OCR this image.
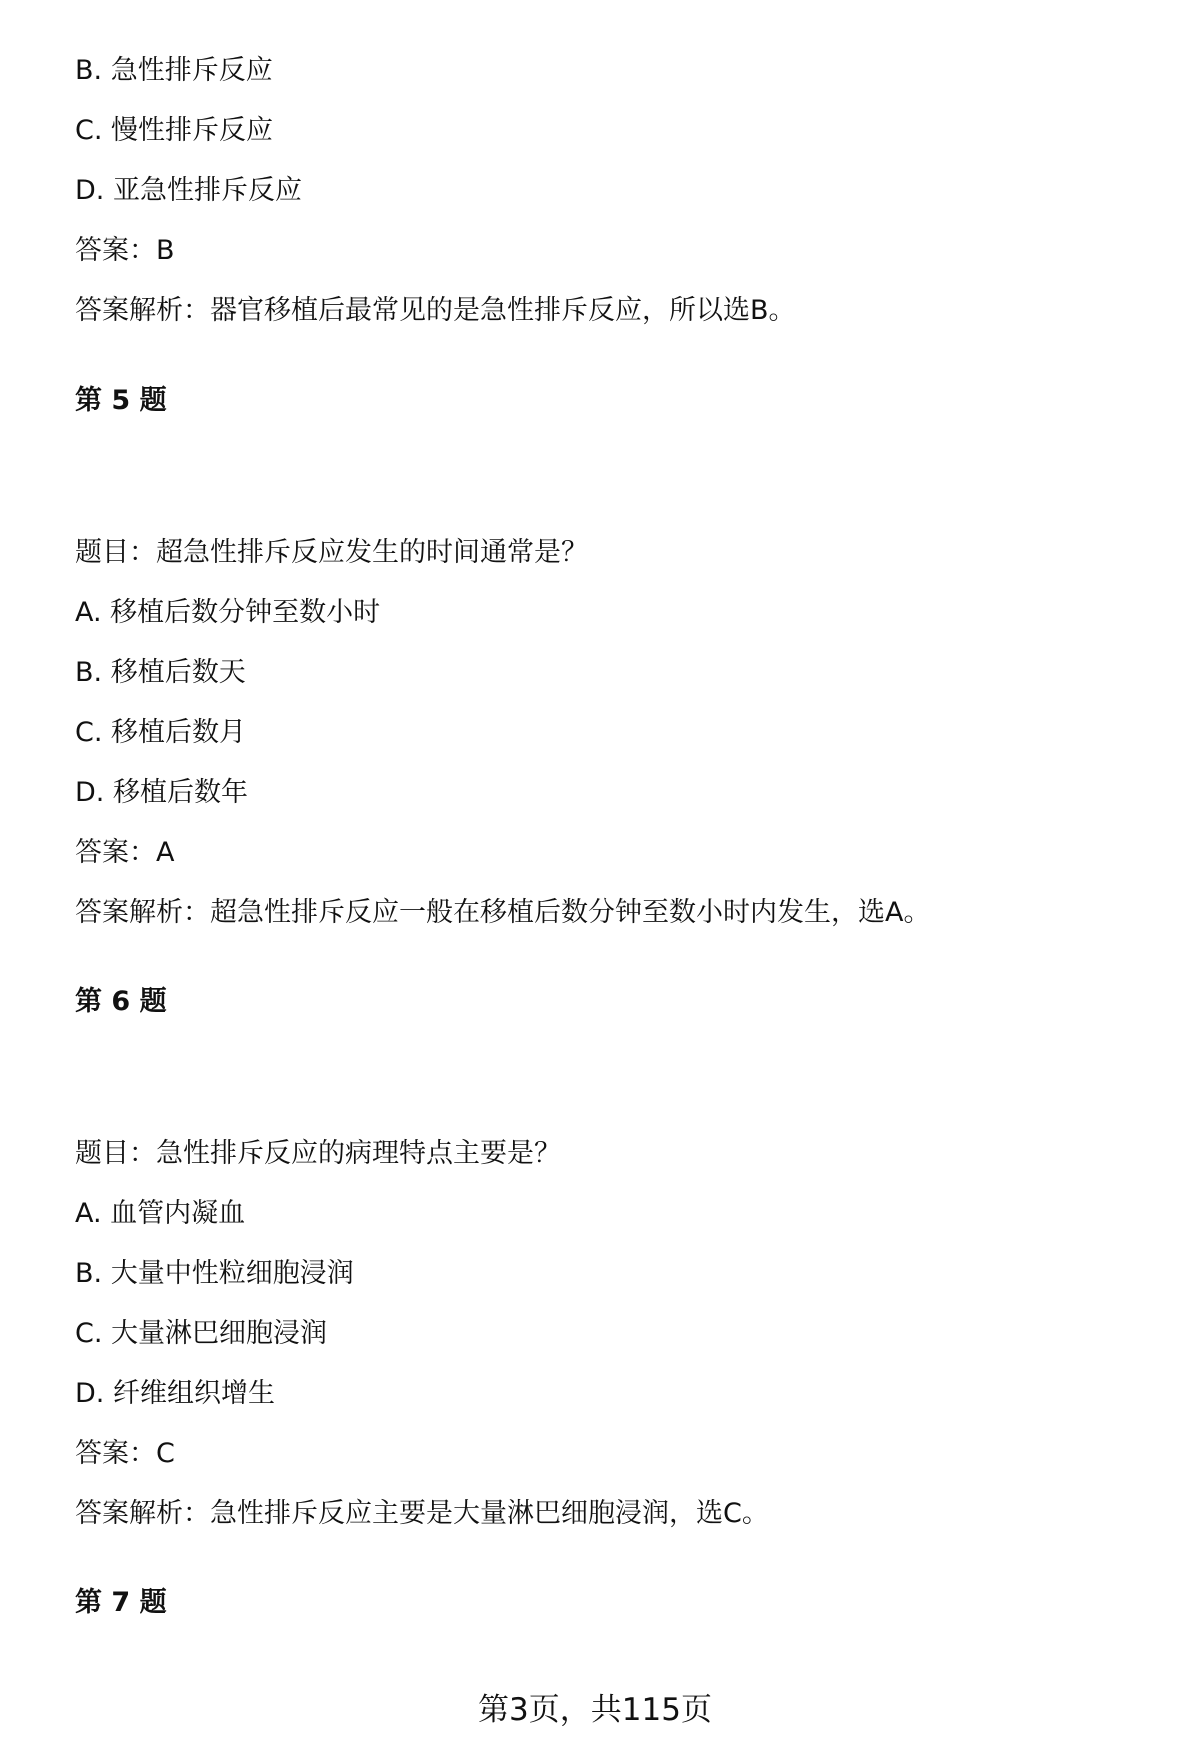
B. 急性排斥反应
C. 慢性排斥反应
D. 亚急性排斥反应
答案：B
答案解析：器官移植后最常见的是急性排斥反应，所以选B。
第 5 题
题目：超急性排斥反应发生的时间通常是？
A. 移植后数分钟至数小时
B. 移植后数天
C. 移植后数月
D. 移植后数年
答案：A
答案解析：超急性排斥反应一般在移植后数分钟至数小时内发生，选A。
第 6 题
题目：急性排斥反应的病理特点主要是？
A. 血管内凝血
B. 大量中性粒细胞浸润
C. 大量淋巴细胞浸润
D. 纤维组织增生
答案：C
答案解析：急性排斥反应主要是大量淋巴细胞浸润，选C。
第 7 题
第3页，共115页
